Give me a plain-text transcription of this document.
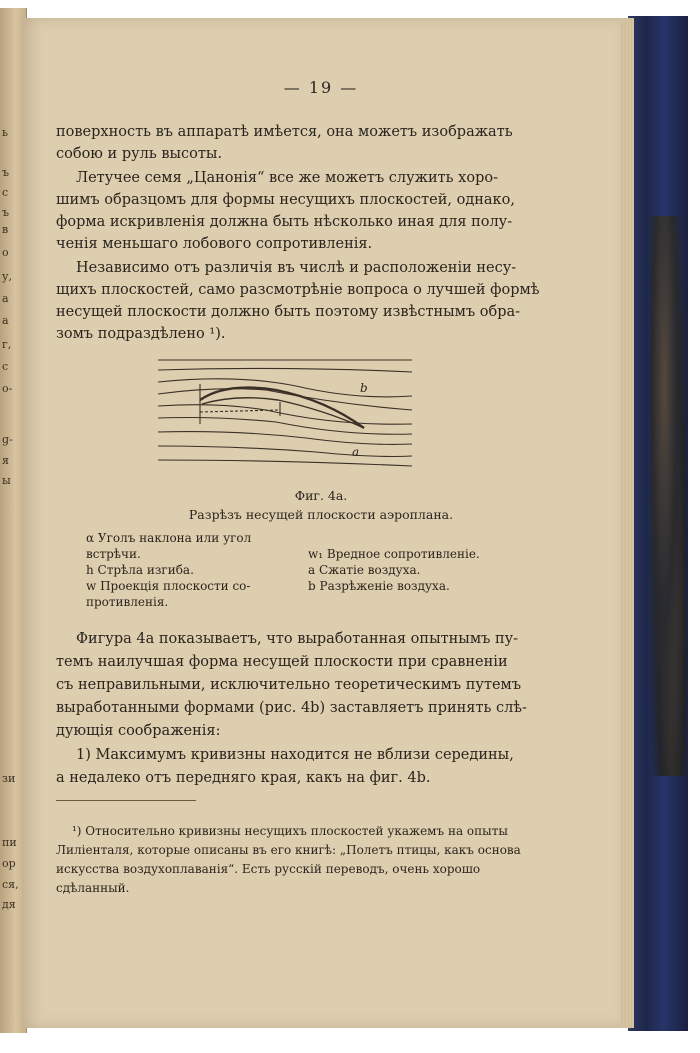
ь
ъ
с
ъ
в
о
у,
а
а
г,
с
о-
g-
я
ы
зи
пи
ор
ся,
дя
— 19 —
поверхность въ аппаратѣ имѣется, она можетъ изображать
собою и руль высоты.
Летучее семя „Цанонія“ все же можетъ служить хоро-
шимъ образцомъ для формы несущихъ плоскостей, однако,
форма искривленія должна быть нѣсколько иная для полу-
ченія меньшаго лобового сопротивленія.
Независимо отъ различія въ числѣ и расположеніи несу-
щихъ плоскостей, само разсмотрѣніе вопроса о лучшей формѣ
несущей плоскости должно быть поэтому извѣстнымъ обра-
зомъ подраздѣлено ¹).
b
a
Фиг. 4a.
Разрѣзъ несущей плоскости аэроплана.
α Уголъ наклона или угол
встрѣчи.
h Стрѣла изгиба.
w Проекція плоскости со-
противленія.
w₁ Вредное сопротивленіе.
a Сжатіе воздуха.
b Разрѣженіе воздуха.
Фигура 4a показываетъ, что выработанная опытнымъ пу-
темъ наилучшая форма несущей плоскости при сравненіи
съ неправильными, исключительно теоретическимъ путемъ
выработанными формами (рис. 4b) заставляетъ принять слѣ-
дующія соображенія:
1) Максимумъ кривизны находится не вблизи середины,
а недалеко отъ передняго края, какъ на фиг. 4b.
¹) Относительно кривизны несущихъ плоскостей укажемъ на опыты
Лиліенталя, которые описаны въ его книгѣ: „Полетъ птицы, какъ основа
искусства воздухоплаванія“. Есть русскій переводъ, очень хорошо
сдѣланный.
